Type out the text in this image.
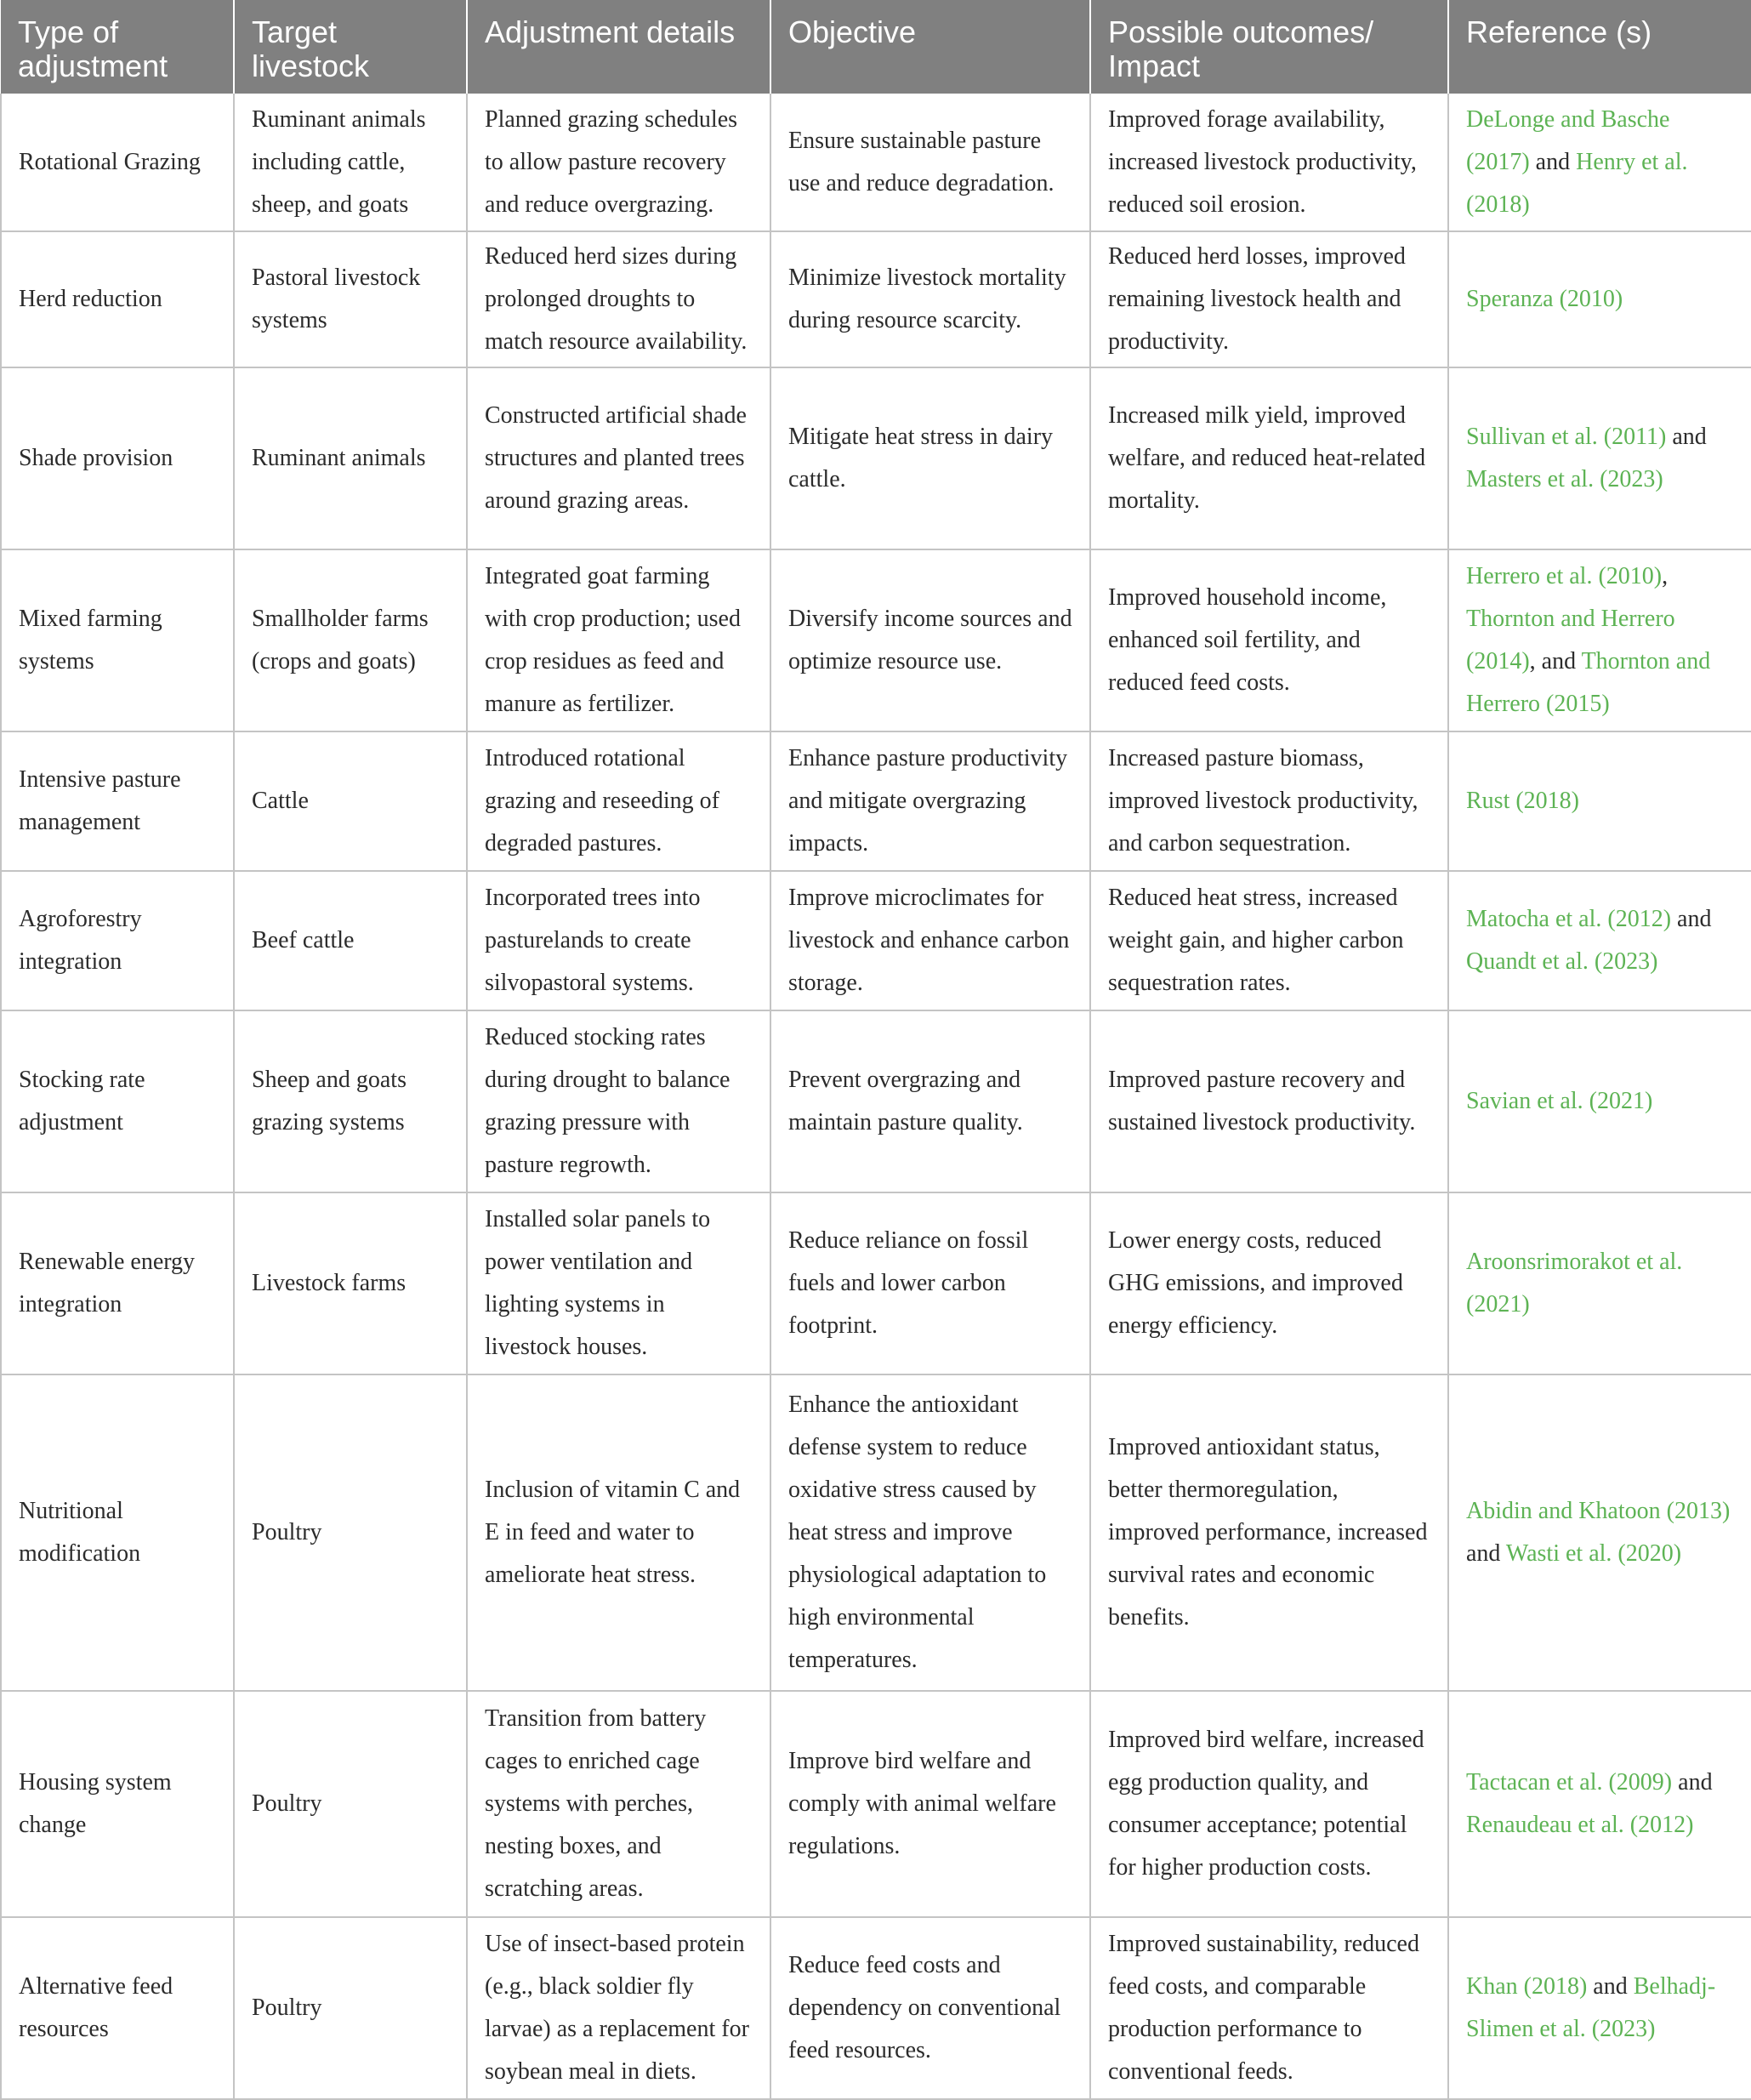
Type of adjustment	Target livestock	Adjustment details	Objective	Possible outcomes/ Impact	Reference (s)
Rotational Grazing	Ruminant animals including cattle, sheep, and goats	Planned grazing schedules to allow pasture recovery and reduce overgrazing.	Ensure sustainable pasture use and reduce degradation.	Improved forage availability, increased livestock productivity, reduced soil erosion.	DeLonge and Basche (2017) and Henry et al. (2018)
Herd reduction	Pastoral livestock systems	Reduced herd sizes during prolonged droughts to match resource availability.	Minimize livestock mortality during resource scarcity.	Reduced herd losses, improved remaining livestock health and productivity.	Speranza (2010)
Shade provision	Ruminant animals	Constructed artificial shade structures and planted trees around grazing areas.	Mitigate heat stress in dairy cattle.	Increased milk yield, improved welfare, and reduced heat-related mortality.	Sullivan et al. (2011) and Masters et al. (2023)
Mixed farming systems	Smallholder farms (crops and goats)	Integrated goat farming with crop production; used crop residues as feed and manure as fertilizer.	Diversify income sources and optimize resource use.	Improved household income, enhanced soil fertility, and reduced feed costs.	Herrero et al. (2010), Thornton and Herrero (2014), and Thornton and Herrero (2015)
Intensive pasture management	Cattle	Introduced rotational grazing and reseeding of degraded pastures.	Enhance pasture productivity and mitigate overgrazing impacts.	Increased pasture biomass, improved livestock productivity, and carbon sequestration.	Rust (2018)
Agroforestry integration	Beef cattle	Incorporated trees into pasturelands to create silvopastoral systems.	Improve microclimates for livestock and enhance carbon storage.	Reduced heat stress, increased weight gain, and higher carbon sequestration rates.	Matocha et al. (2012) and Quandt et al. (2023)
Stocking rate adjustment	Sheep and goats grazing systems	Reduced stocking rates during drought to balance grazing pressure with pasture regrowth.	Prevent overgrazing and maintain pasture quality.	Improved pasture recovery and sustained livestock productivity.	Savian et al. (2021)
Renewable energy integration	Livestock farms	Installed solar panels to power ventilation and lighting systems in livestock houses.	Reduce reliance on fossil fuels and lower carbon footprint.	Lower energy costs, reduced GHG emissions, and improved energy efficiency.	Aroonsrimorakot et al. (2021)
Nutritional modification	Poultry	Inclusion of vitamin C and E in feed and water to ameliorate heat stress.	Enhance the antioxidant defense system to reduce oxidative stress caused by heat stress and improve physiological adaptation to high environmental temperatures.	Improved antioxidant status, better thermoregulation, improved performance, increased survival rates and economic benefits.	Abidin and Khatoon (2013) and Wasti et al. (2020)
Housing system change	Poultry	Transition from battery cages to enriched cage systems with perches, nesting boxes, and scratching areas.	Improve bird welfare and comply with animal welfare regulations.	Improved bird welfare, increased egg production quality, and consumer acceptance; potential for higher production costs.	Tactacan et al. (2009) and Renaudeau et al. (2012)
Alternative feed resources	Poultry	Use of insect-based protein (e.g., black soldier fly larvae) as a replacement for soybean meal in diets.	Reduce feed costs and dependency on conventional feed resources.	Improved sustainability, reduced feed costs, and comparable production performance to conventional feeds.	Khan (2018) and Belhadj-Slimen et al. (2023)
